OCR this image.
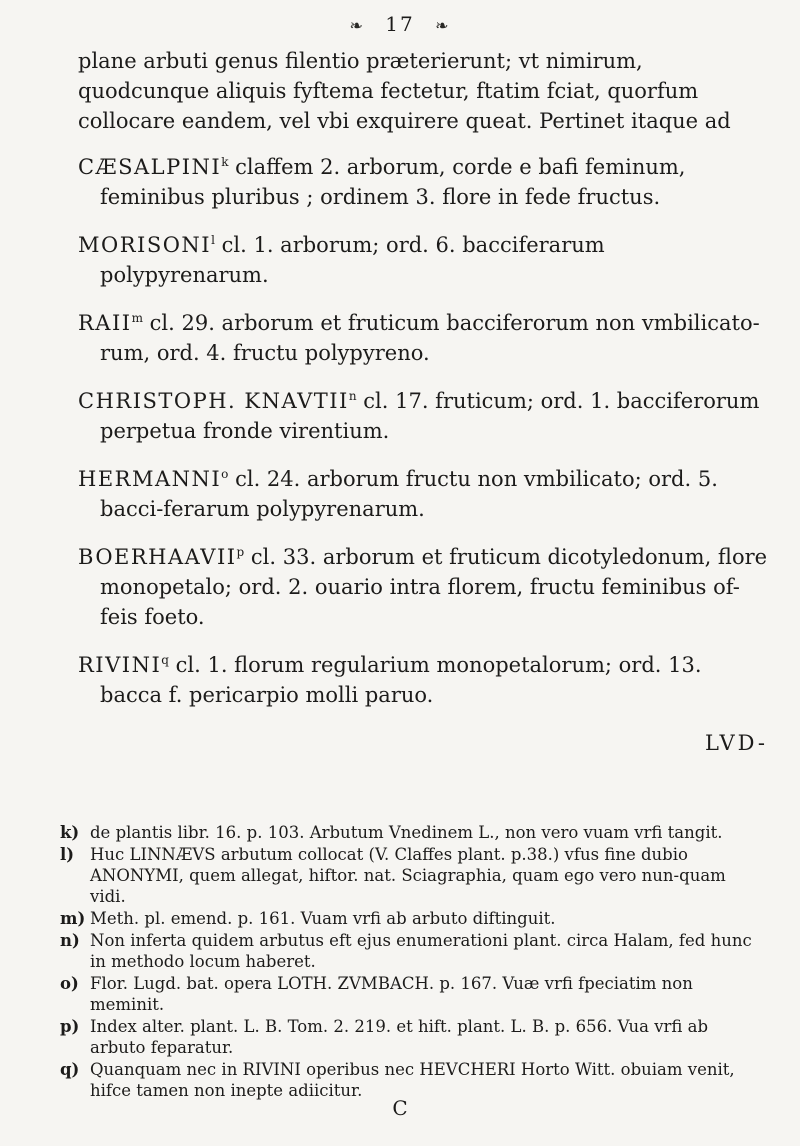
❧ 17 ❧

plane arbuti genus filentio prӕterierunt; vt nimirum, quodcunque aliquis fyftema fectetur, ftatim fciat, quorfum collocare eandem, vel vbi exquirere queat. Pertinet itaque ad

CÆSALPINI$^k$ claffem 2. arborum, corde e bafi feminum, feminibus pluribus ; ordinem 3. flore in fede fructus.

MORISONI$^l$ cl. 1. arborum; ord. 6. bacciferarum polypyrenarum.

RAII$^m$ cl. 29. arborum et fruticum bacciferorum non vmbilicato-rum, ord. 4. fructu polypyreno.

CHRISTOPH. KNAVTII$^n$ cl. 17. fruticum; ord. 1. bacciferorum perpetua fronde virentium.

HERMANNI$^o$ cl. 24. arborum fructu non vmbilicato; ord. 5. bacci-ferarum polypyrenarum.

BOERHAAVII$^p$ cl. 33. arborum et fruticum dicotyledonum, flore monopetalo; ord. 2. ouario intra florem, fructu feminibus of-feis foeto.

RIVINI$^q$ cl. 1. florum regularium monopetalorum; ord. 13. bacca f. pericarpio molli paruo.

LVD-

k) de plantis libr. 16. p. 103. Arbutum Vnedinem L., non vero vuam vrfi tangit.

l) Huc LINNÆVS arbutum collocat (V. Claffes plant. p.38.) vfus fine dubio ANONYMI, quem allegat, hiftor. nat. Sciagraphia, quam ego vero nun-quam vidi.

m) Meth. pl. emend. p. 161. Vuam vrfi ab arbuto diftinguit.

n) Non inferta quidem arbutus eft ejus enumerationi plant. circa Halam, fed hunc in methodo locum haberet.

o) Flor. Lugd. bat. opera LOTH. ZVMBACH. p. 167. Vuӕ vrfi fpeciatim non meminit.

p) Index alter. plant. L. B. Tom. 2. 219. et hift. plant. L. B. p. 656. Vua vrfi ab arbuto feparatur.

q) Quanquam nec in RIVINI operibus nec HEVCHERI Horto Witt. obuiam venit, hifce tamen non inepte adiicitur.

C
